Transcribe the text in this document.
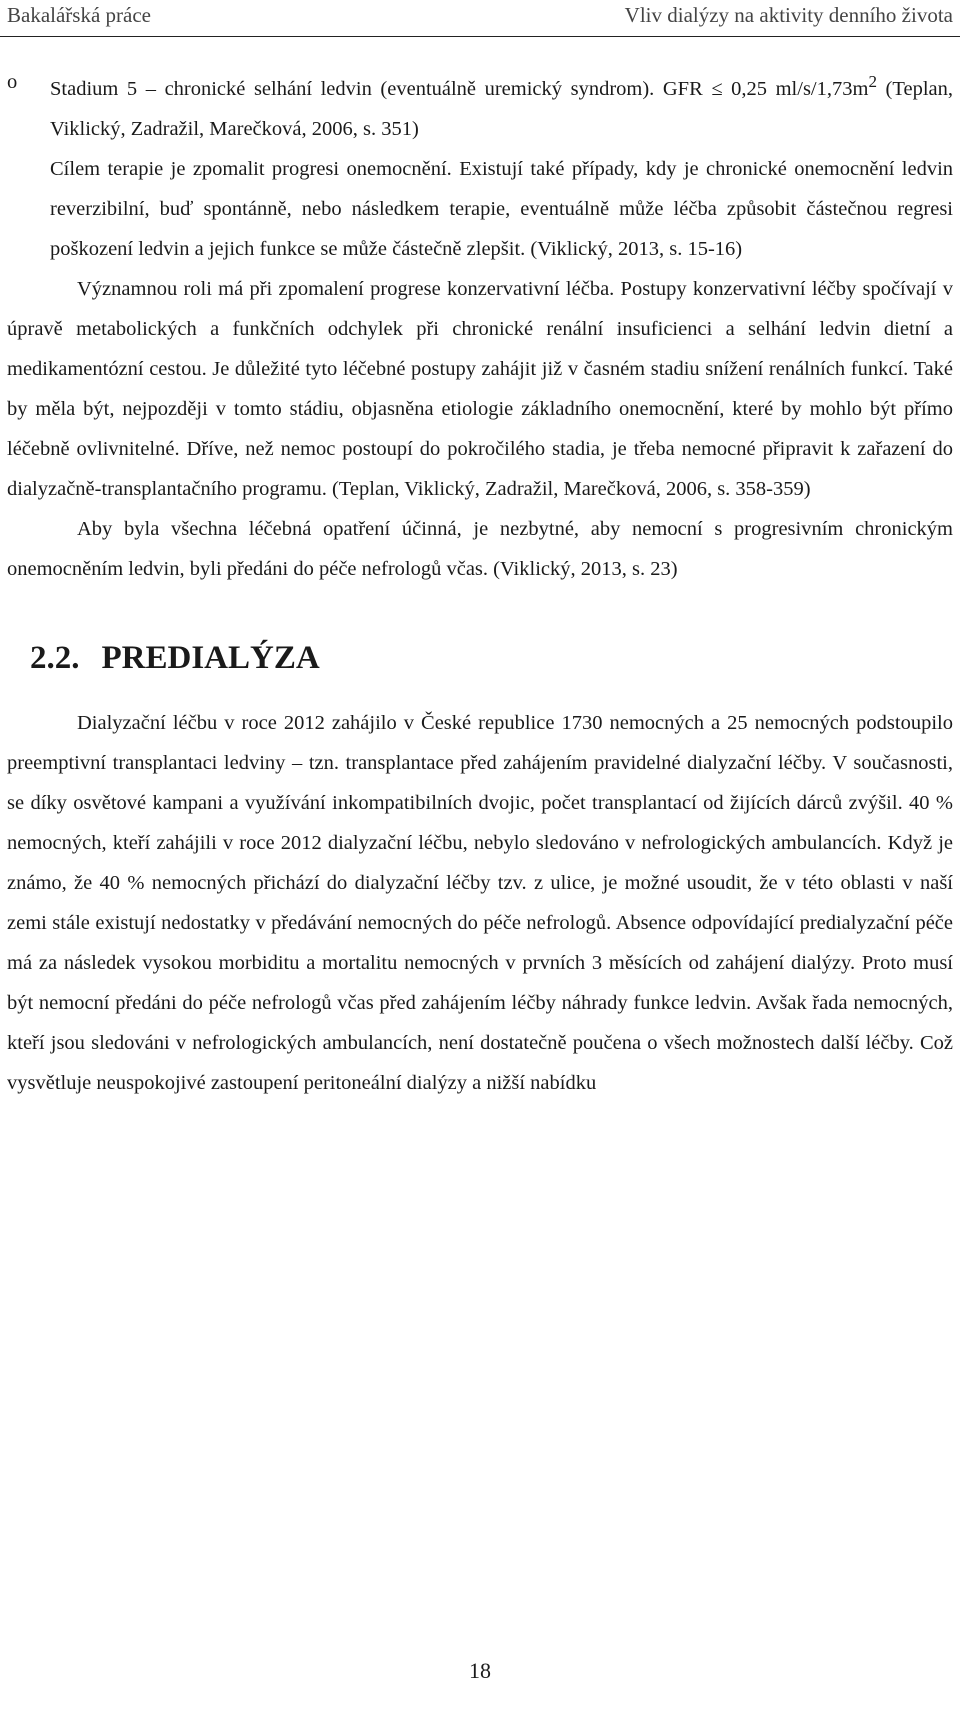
Bakalářská práce	Vliv dialýzy na aktivity denního života

o Stadium 5 – chronické selhání ledvin (eventuálně uremický syndrom). GFR ≤ 0,25 $ml/s/1,73m^2$ (Teplan, Viklický, Zadražil, Marečková, 2006, s. 351)

Cílem terapie je zpomalit progresi onemocnění. Existují také případy, kdy je chronické onemocnění ledvin reverzibilní, buď spontánně, nebo následkem terapie, eventuálně může léčba způsobit částečnou regresi poškození ledvin a jejich funkce se může částečně zlepšit. (Viklický, 2013, s. 15-16)

Významnou roli má při zpomalení progrese konzervativní léčba. Postupy konzervativní léčby spočívají v úpravě metabolických a funkčních odchylek při chronické renální insuficienci a selhání ledvin dietní a medikamentózní cestou. Je důležité tyto léčebné postupy zahájit již v časném stadiu snížení renálních funkcí. Také by měla být, nejpozději v tomto stádiu, objasněna etiologie základního onemocnění, které by mohlo být přímo léčebně ovlivnitelné. Dříve, než nemoc postoupí do pokročilého stadia, je třeba nemocné připravit k zařazení do dialyzačně-transplantačního programu. (Teplan, Viklický, Zadražil, Marečková, 2006, s. 358-359)

Aby byla všechna léčebná opatření účinná, je nezbytné, aby nemocní s progresivním chronickým onemocněním ledvin, byli předáni do péče nefrologů včas. (Viklický, 2013, s. 23)

2.2. PREDIALÝZA

Dialyzační léčbu v roce 2012 zahájilo v České republice 1730 nemocných a 25 nemocných podstoupilo preemptivní transplantaci ledviny – tzn. transplantace před zahájením pravidelné dialyzační léčby. V současnosti, se díky osvětové kampani a využívání inkompatibilních dvojic, počet transplantací od žijících dárců zvýšil. 40 % nemocných, kteří zahájili v roce 2012 dialyzační léčbu, nebylo sledováno v nefrologických ambulancích. Když je známo, že 40 % nemocných přichází do dialyzační léčby tzv. z ulice, je možné usoudit, že v této oblasti v naší zemi stále existují nedostatky v předávání nemocných do péče nefrologů. Absence odpovídající predialyzační péče má za následek vysokou morbiditu a mortalitu nemocných v prvních 3 měsících od zahájení dialýzy. Proto musí být nemocní předáni do péče nefrologů včas před zahájením léčby náhrady funkce ledvin. Avšak řada nemocných, kteří jsou sledováni v nefrologických ambulancích, není dostatečně poučena o všech možnostech další léčby. Což vysvětluje neuspokojivé zastoupení peritoneální dialýzy a nižší nabídku

18
